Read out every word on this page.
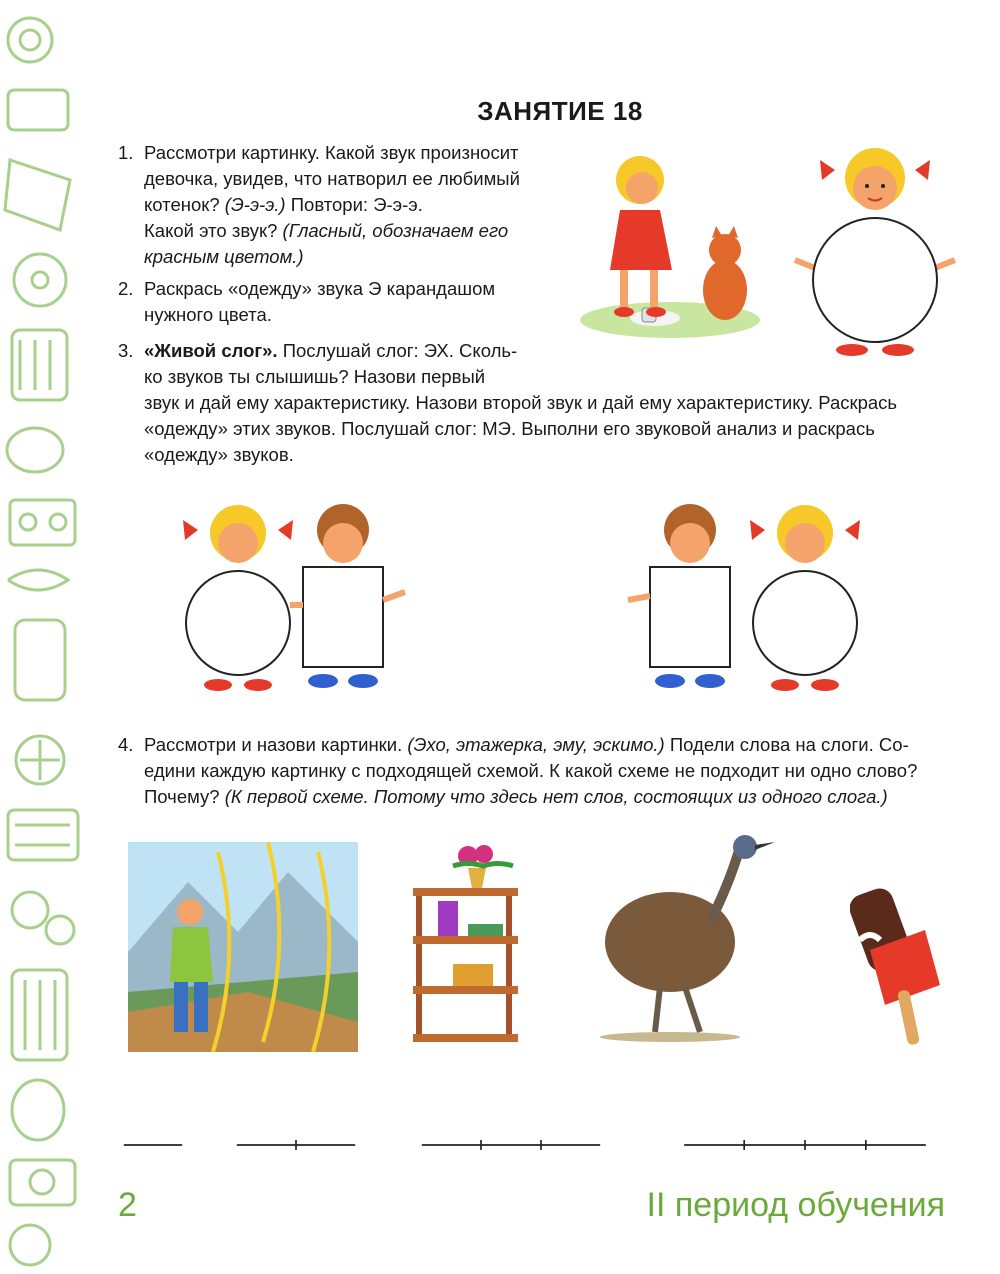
ЗАНЯТИЕ 18
1. Рассмотри картинку. Какой звук произносит
девочка, увидев, что натворил ее любимый
котенок? (Э-э-э.) Повтори: Э-э-э.
Какой это звук? (Гласный, обозначаем его
красным цветом.)
2. Раскрась «одежду» звука Э карандашом
нужного цвета.
3. «Живой слог». Послушай слог: ЭХ. Сколь-
ко звуков ты слышишь? Назови первый
звук и дай ему характеристику. Назови второй звук и дай ему характеристику. Раскрась
«одежду» этих звуков. Послушай слог: МЭ. Выполни его звуковой анализ и раскрась
«одежду» звуков.
4. Рассмотри и назови картинки. (Эхо, этажерка, эму, эскимо.) Подели слова на слоги. Со-
едини каждую картинку с подходящей схемой. К какой схеме не подходит ни одно слово?
Почему? (К первой схеме. Потому что здесь нет слов, состоящих из одного слога.)
2	II период обучения
